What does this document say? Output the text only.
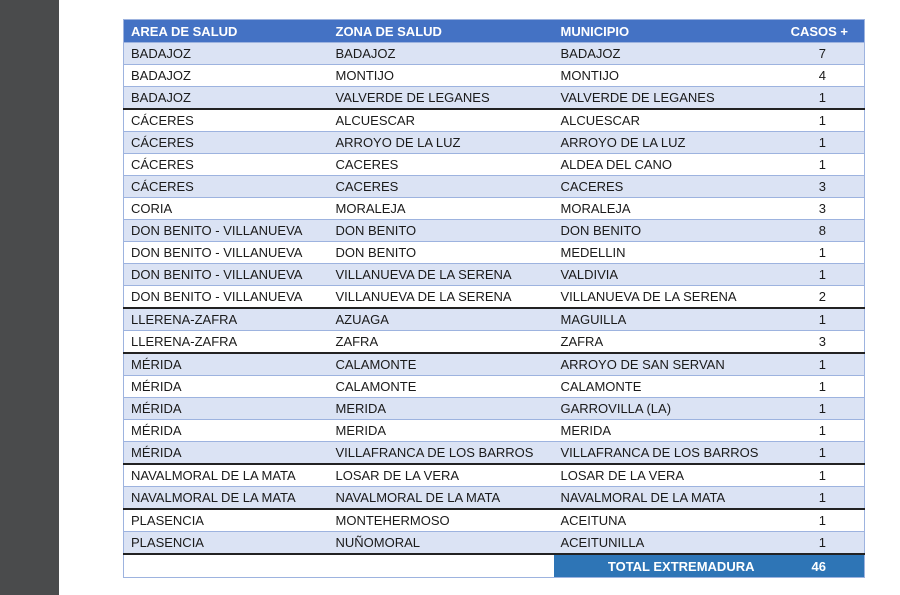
AREA DE SALUD	ZONA DE SALUD	MUNICIPIO	CASOS +
BADAJOZ	BADAJOZ	BADAJOZ	7
BADAJOZ	MONTIJO	MONTIJO	4
BADAJOZ	VALVERDE DE LEGANES	VALVERDE DE LEGANES	1
CÁCERES	ALCUESCAR	ALCUESCAR	1
CÁCERES	ARROYO DE LA LUZ	ARROYO DE LA LUZ	1
CÁCERES	CACERES	ALDEA DEL CANO	1
CÁCERES	CACERES	CACERES	3
CORIA	MORALEJA	MORALEJA	3
DON BENITO - VILLANUEVA	DON BENITO	DON BENITO	8
DON BENITO - VILLANUEVA	DON BENITO	MEDELLIN	1
DON BENITO - VILLANUEVA	VILLANUEVA DE LA SERENA	VALDIVIA	1
DON BENITO - VILLANUEVA	VILLANUEVA DE LA SERENA	VILLANUEVA DE LA SERENA	2
LLERENA-ZAFRA	AZUAGA	MAGUILLA	1
LLERENA-ZAFRA	ZAFRA	ZAFRA	3
MÉRIDA	CALAMONTE	ARROYO DE SAN SERVAN	1
MÉRIDA	CALAMONTE	CALAMONTE	1
MÉRIDA	MERIDA	GARROVILLA (LA)	1
MÉRIDA	MERIDA	MERIDA	1
MÉRIDA	VILLAFRANCA DE LOS BARROS	VILLAFRANCA DE LOS BARROS	1
NAVALMORAL DE LA MATA	LOSAR DE LA VERA	LOSAR DE LA VERA	1
NAVALMORAL DE LA MATA	NAVALMORAL DE LA MATA	NAVALMORAL DE LA MATA	1
PLASENCIA	MONTEHERMOSO	ACEITUNA	1
PLASENCIA	NUÑOMORAL	ACEITUNILLA	1
		TOTAL EXTREMADURA	46
